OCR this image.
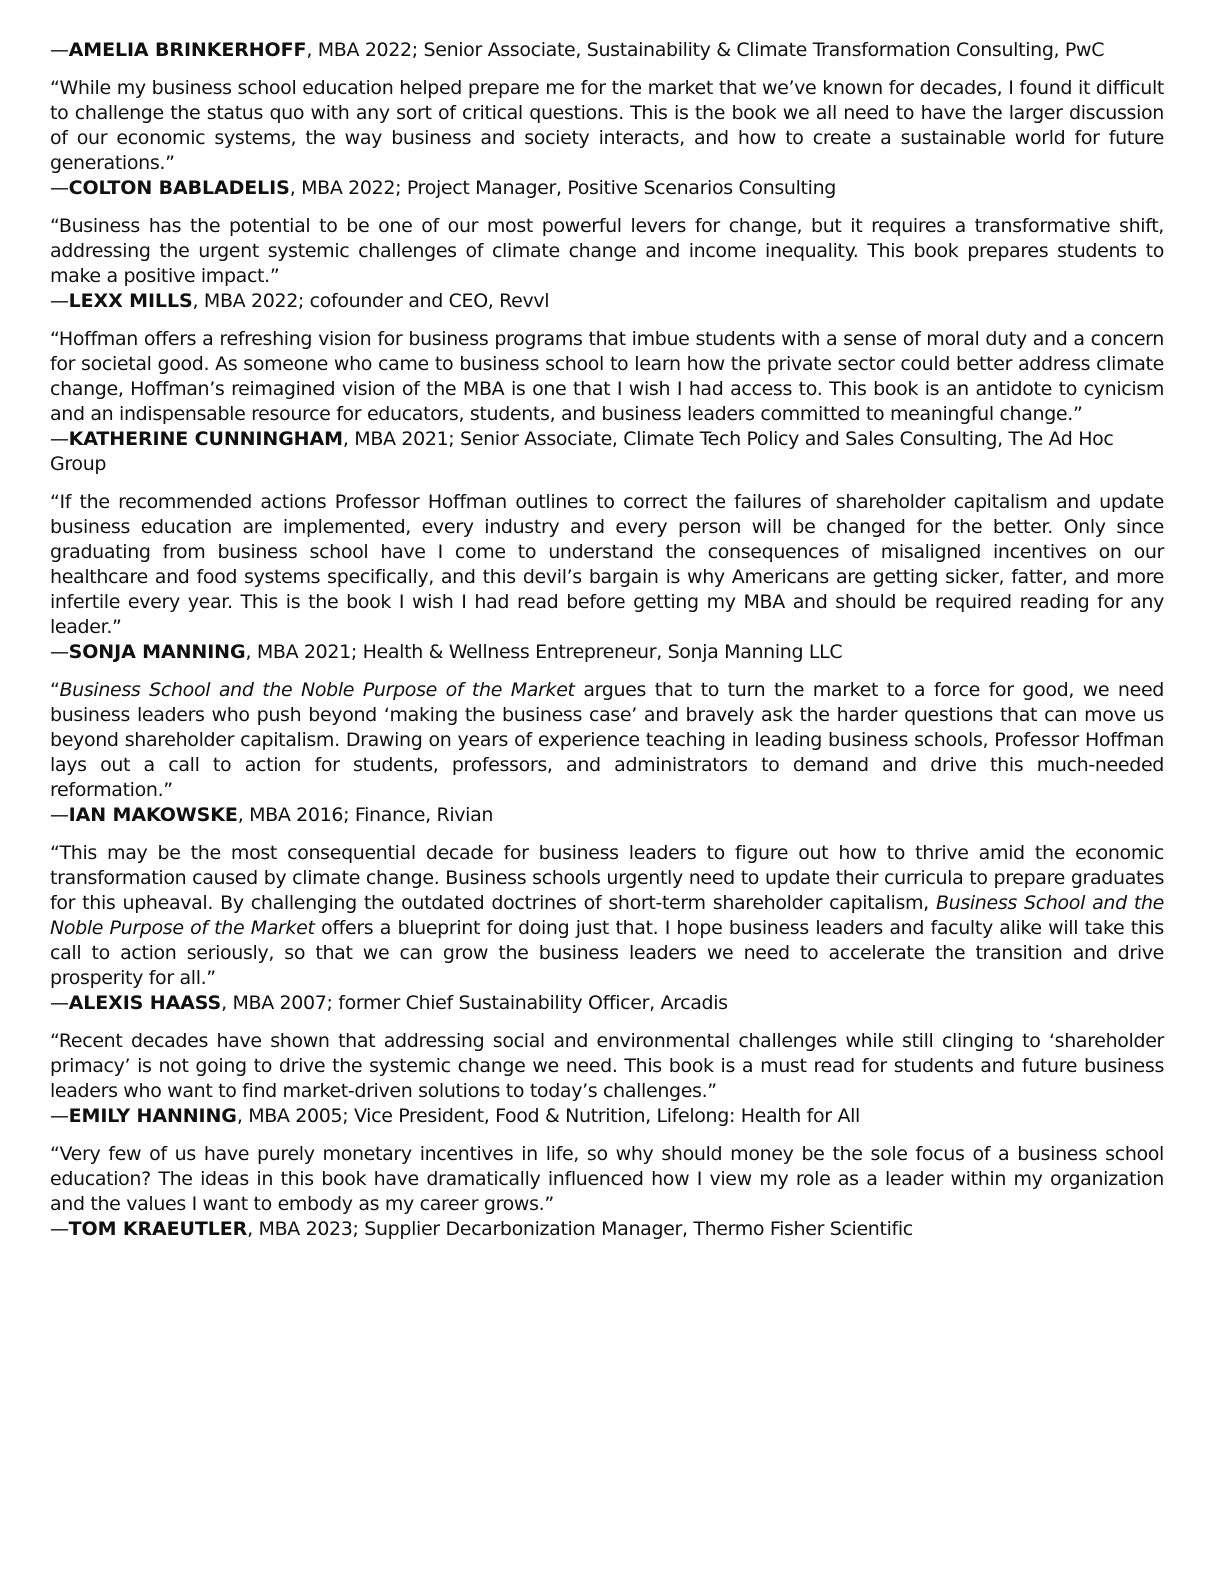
— AMELIA BRINKERHOFF, MBA 2022; Senior Associate, Sustainability & Climate Transformation Consulting, PwC

“While my business school education helped prepare me for the market that we’ve known for decades, I found it difficult to challenge the status quo with any sort of critical questions. This is the book we all need to have the larger discussion of our economic systems, the way business and society interacts, and how to create a sustainable world for future generations.”

— COLTON BABLADELIS, MBA 2022; Project Manager, Positive Scenarios Consulting

“Business has the potential to be one of our most powerful levers for change, but it requires a transformative shift, addressing the urgent systemic challenges of climate change and income inequality. This book prepares students to make a positive impact.”

— LEXX MILLS, MBA 2022; cofounder and CEO, Revvl

“Hoffman offers a refreshing vision for business programs that imbue students with a sense of moral duty and a concern for societal good. As someone who came to business school to learn how the private sector could better address climate change, Hoffman’s reimagined vision of the MBA is one that I wish I had access to. This book is an antidote to cynicism and an indispensable resource for educators, students, and business leaders committed to meaningful change.”

— KATHERINE CUNNINGHAM, MBA 2021; Senior Associate, Climate Tech Policy and Sales Consulting, The Ad Hoc Group

“If the recommended actions Professor Hoffman outlines to correct the failures of shareholder capitalism and update business education are implemented, every industry and every person will be changed for the better. Only since graduating from business school have I come to understand the consequences of misaligned incentives on our healthcare and food systems specifically, and this devil’s bargain is why Americans are getting sicker, fatter, and more infertile every year. This is the book I wish I had read before getting my MBA and should be required reading for any leader.”

— SONJA MANNING, MBA 2021; Health & Wellness Entrepreneur, Sonja Manning LLC

“Business School and the Noble Purpose of the Market argues that to turn the market to a force for good, we need business leaders who push beyond ‘making the business case’ and bravely ask the harder questions that can move us beyond shareholder capitalism. Drawing on years of experience teaching in leading business schools, Professor Hoffman lays out a call to action for students, professors, and administrators to demand and drive this much-needed reformation.”

— IAN MAKOWSKE, MBA 2016; Finance, Rivian

“This may be the most consequential decade for business leaders to figure out how to thrive amid the economic transformation caused by climate change. Business schools urgently need to update their curricula to prepare graduates for this upheaval. By challenging the outdated doctrines of short-term shareholder capitalism, Business School and the Noble Purpose of the Market offers a blueprint for doing just that. I hope business leaders and faculty alike will take this call to action seriously, so that we can grow the business leaders we need to accelerate the transition and drive prosperity for all.”

— ALEXIS HAASS, MBA 2007; former Chief Sustainability Officer, Arcadis

“Recent decades have shown that addressing social and environmental challenges while still clinging to ‘shareholder primacy’ is not going to drive the systemic change we need. This book is a must read for students and future business leaders who want to find market-driven solutions to today’s challenges.”

— EMILY HANNING, MBA 2005; Vice President, Food & Nutrition, Lifelong: Health for All

“Very few of us have purely monetary incentives in life, so why should money be the sole focus of a business school education? The ideas in this book have dramatically influenced how I view my role as a leader within my organization and the values I want to embody as my career grows.”

— TOM KRAEUTLER, MBA 2023; Supplier Decarbonization Manager, Thermo Fisher Scientific
